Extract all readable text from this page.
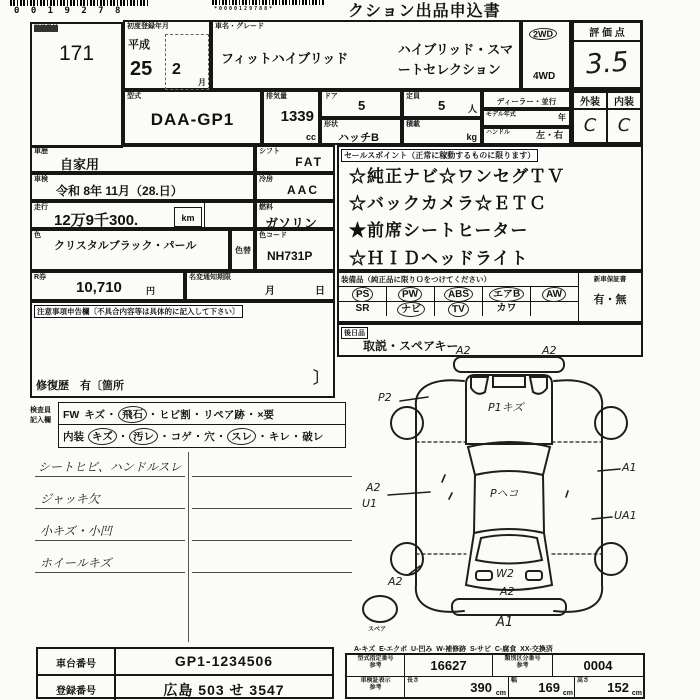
0 0 1 9 2 7 8	*0000129788*	クション出品申込書
出品番号
171
初度登録年月
平成
25 2
月
車名・グレード
フィットハイブリッド
ハイブリッド・スマ
ートセレクション
2WD
4WD
評 価 点
3.5
型式
DAA-GP1
排気量
1339
cc
ドア
5
形状
ハッチB
定員
5	人
積載
kg
ディーラー・並行
モデル年式	年
ハンドル	左・右
外装	内装
C	C
車歴
自家用
シフト
FAT
車検
令和 8年 11月（28.日）
冷房
AAC
走行
12万9千300.	km
燃料
ガソリン
色
クリスタルブラック・パール	色替
色コード
NH731P
R券
10,710	円
名変通知期限
月	日
注意事項申告欄〔不具合内容等は具体的に記入して下さい〕
修復歴　有〔箇所	〕
セールスポイント（正常に稼動するものに限ります）
☆純正ナビ☆ワンセグＴＶ
☆バックカメラ☆ＥＴＣ
★前席シートヒーター
☆ＨＩＤヘッドライト
装備品（純正品に限りＯをつけてください）
PS	PW	ABS	エアB	AW
SR	ナビ	TV	カワ
新車保証書
有・無
後日品
取説・スペアキー
検査員
記入欄	FW キズ ・ 飛石 ・ ヒビ割 ・ リペア跡 ・ ×要
内装 キズ ・ 汚レ ・ コゲ ・ 穴 ・ スレ ・ キレ ・ 破レ
シートヒビ、ハンドルスレ
ジャッキ欠
小キズ・小凹
ホイールキズ
A2	A2
P2
P1キズ
A1
A2
U1
Pヘコ
UA1
A2
W2
A2
A1
スペア
A-キズ  E-エクボ  U-凹み  W-補修跡  S-サビ  C-腐食  XX-交換済
車台番号	GP1-1234506
登録番号	広島 503 せ 3547
型式指定番号
参考	16627	類別区分番号
参考	0004
車検証表示
参考
長さ	390 cm
幅 169 cm
高さ 152 cm
